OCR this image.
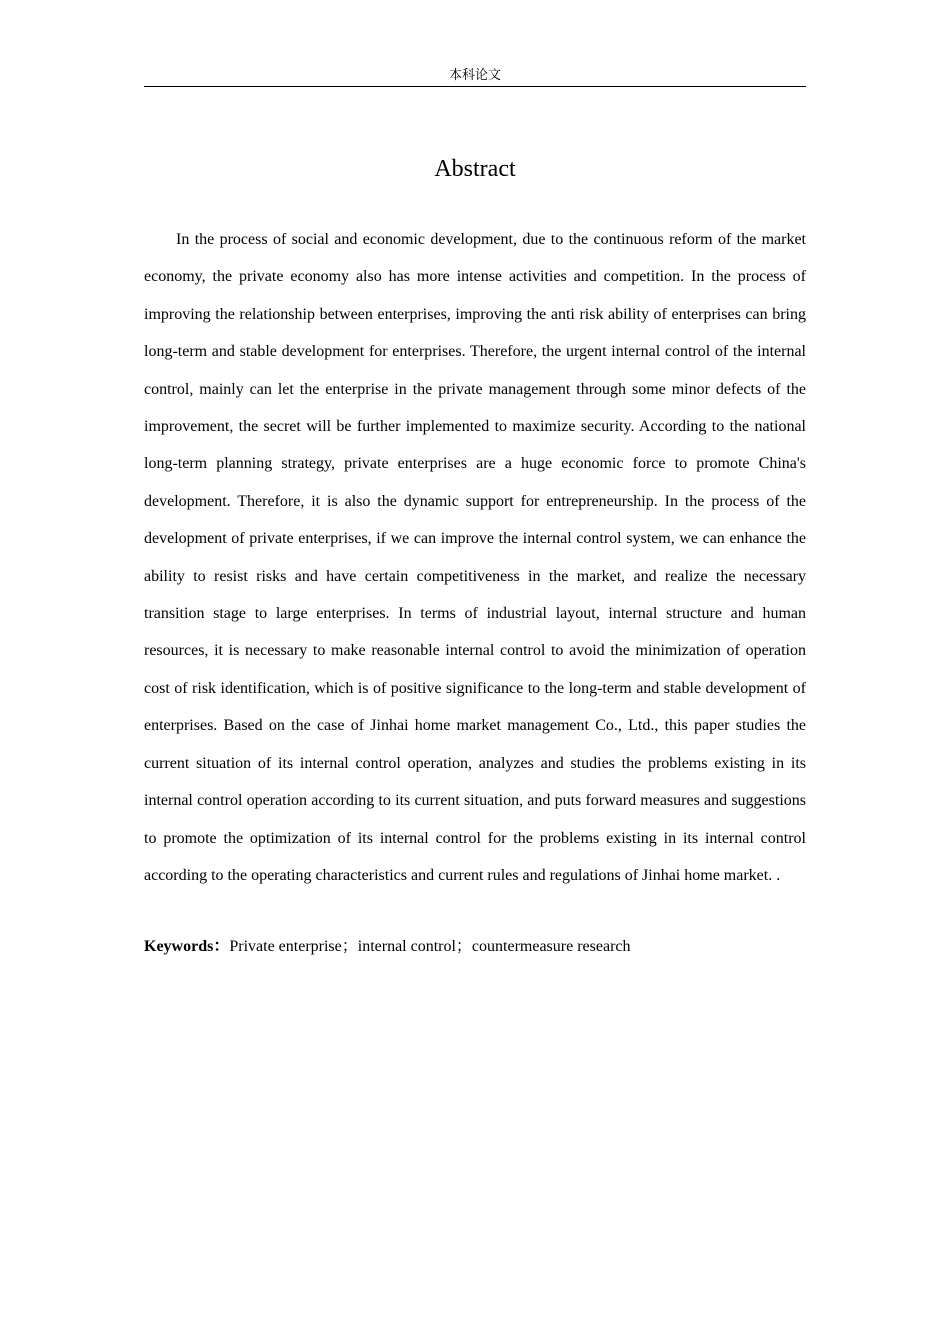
本科论文
Abstract

In the process of social and economic development, due to the continuous reform of the market economy, the private economy also has more intense activities and competition. In the process of improving the relationship between enterprises, improving the anti risk ability of enterprises can bring long-term and stable development for enterprises. Therefore, the urgent internal control of the internal control, mainly can let the enterprise in the private management through some minor defects of the improvement, the secret will be further implemented to maximize security. According to the national long-term planning strategy, private enterprises are a huge economic force to promote China's development. Therefore, it is also the dynamic support for entrepreneurship. In the process of the development of private enterprises, if we can improve the internal control system, we can enhance the ability to resist risks and have certain competitiveness in the market, and realize the necessary transition stage to large enterprises. In terms of industrial layout, internal structure and human resources, it is necessary to make reasonable internal control to avoid the minimization of operation cost of risk identification, which is of positive significance to the long-term and stable development of enterprises. Based on the case of Jinhai home market management Co., Ltd., this paper studies the current situation of its internal control operation, analyzes and studies the problems existing in its internal control operation according to its current situation, and puts forward measures and suggestions to promote the optimization of its internal control for the problems existing in its internal control according to the operating characteristics and current rules and regulations of Jinhai home market. .

Keywords：Private enterprise；internal control；countermeasure research
